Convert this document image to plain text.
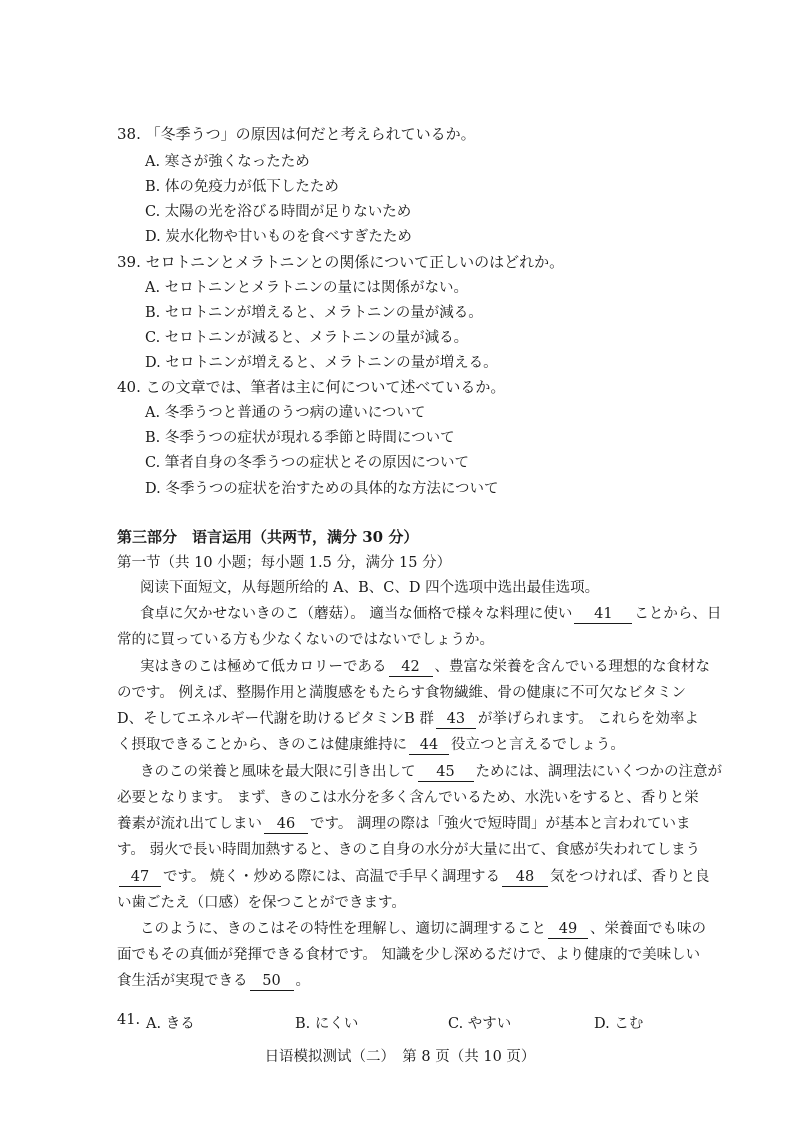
38. 「冬季うつ」の原因は何だと考えられているか。
A. 寒さが強くなったため
B. 体の免疫力が低下したため
C. 太陽の光を浴びる時間が足りないため
D. 炭水化物や甘いものを食べすぎたため
39. セロトニンとメラトニンとの関係について正しいのはどれか。
A. セロトニンとメラトニンの量には関係がない。
B. セロトニンが増えると、メラトニンの量が減る。
C. セロトニンが減ると、メラトニンの量が減る。
D. セロトニンが増えると、メラトニンの量が増える。
40. この文章では、筆者は主に何について述べているか。
A. 冬季うつと普通のうつ病の違いについて
B. 冬季うつの症状が現れる季節と時間について
C. 筆者自身の冬季うつの症状とその原因について
D. 冬季うつの症状を治すための具体的な方法について
第三部分　语言运用（共两节，满分 30 分）
第一节（共 10 小题；每小题 1.5 分，满分 15 分）
阅读下面短文，从每题所给的 A、B、C、D 四个选项中选出最佳选项。
食卓に欠かせないきのこ（蘑菇）。 適当な価格で様々な料理に使い 41 ことから、日
常的に買っている方も少なくないのではないでしょうか。
実はきのこは極めて低カロリーである 42 、豊富な栄養を含んでいる理想的な食材な
のです。 例えば、整腸作用と満腹感をもたらす食物繊維、骨の健康に不可欠なビタミン
D、そしてエネルギー代謝を助けるビタミンB 群 43 が挙げられます。 これらを効率よ
く摂取できることから、きのこは健康維持に 44 役立つと言えるでしょう。
きのこの栄養と風味を最大限に引き出して 45 ためには、調理法にいくつかの注意が
必要となります。 まず、きのこは水分を多く含んでいるため、水洗いをすると、香りと栄
養素が流れ出てしまい 46 です。 調理の際は「強火で短時間」が基本と言われていま
す。 弱火で長い時間加熱すると、きのこ自身の水分が大量に出て、食感が失われてしまう
47 です。 焼く・炒める際には、高温で手早く調理する 48 気をつければ、香りと良
い歯ごたえ（口感）を保つことができます。
このように、きのこはその特性を理解し、適切に調理すること 49 、栄養面でも味の
面でもその真価が発揮できる食材です。 知識を少し深めるだけで、より健康的で美味しい
食生活が実現できる 50 。
41. A. きる	B. にくい	C. やすい	D. こむ
日语模拟测试（二）　第 8 页（共 10 页）
